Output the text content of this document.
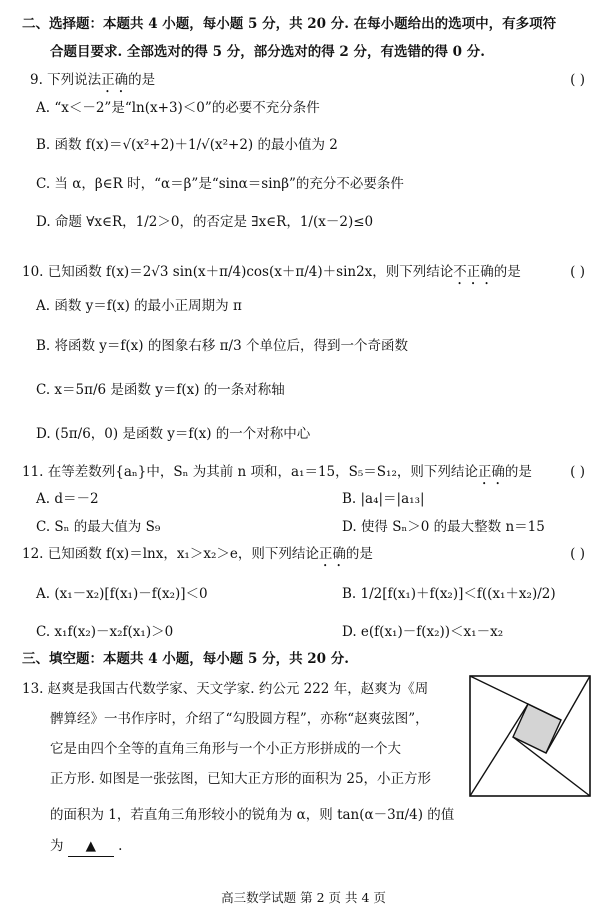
二、选择题：本题共 4 小题，每小题 5 分，共 20 分. 在每小题给出的选项中，有多项符
合题目要求. 全部选对的得 5 分，部分选对的得 2 分，有选错的得 0 分.
9. 下列说法正确的是	( )
A. “x＜－2”是“ln(x+3)＜0”的必要不充分条件
B. 函数 f(x)＝√(x²+2)＋1/√(x²+2) 的最小值为 2
C. 当 α，β∈R 时，“α＝β”是“sinα＝sinβ”的充分不必要条件
D. 命题 ∀x∈R，1/2＞0，的否定是 ∃x∈R，1/(x－2)≤0
10. 已知函数 f(x)＝2√3 sin(x＋π/4)cos(x＋π/4)＋sin2x，则下列结论不正确的是	( )
A. 函数 y＝f(x) 的最小正周期为 π
B. 将函数 y＝f(x) 的图象右移 π/3 个单位后，得到一个奇函数
C. x＝5π/6 是函数 y＝f(x) 的一条对称轴
D. (5π/6，0) 是函数 y＝f(x) 的一个对称中心
11. 在等差数列{aₙ}中，Sₙ 为其前 n 项和，a₁＝15，S₅＝S₁₂，则下列结论正确的是	( )
A. d＝－2	B. |a₄|＝|a₁₃|
C. Sₙ 的最大值为 S₉	D. 使得 Sₙ＞0 的最大整数 n＝15
12. 已知函数 f(x)＝lnx，x₁＞x₂＞e，则下列结论正确的是	( )
A. (x₁－x₂)[f(x₁)－f(x₂)]＜0	B. 1/2[f(x₁)＋f(x₂)]＜f((x₁＋x₂)/2)
C. x₁f(x₂)－x₂f(x₁)＞0	D. e(f(x₁)－f(x₂))＜x₁－x₂
三、填空题：本题共 4 小题，每小题 5 分，共 20 分.
13. 赵爽是我国古代数学家、天文学家. 约公元 222 年，赵爽为《周
髀算经》一书作序时，介绍了“勾股圆方程”，亦称“赵爽弦图”，
它是由四个全等的直角三角形与一个小正方形拼成的一个大
正方形. 如图是一张弦图，已知大正方形的面积为 25，小正方形
的面积为 1，若直角三角形较小的锐角为 α，则 tan(α－3π/4) 的值
为 ▲ .
高三数学试题 第 2 页 共 4 页
